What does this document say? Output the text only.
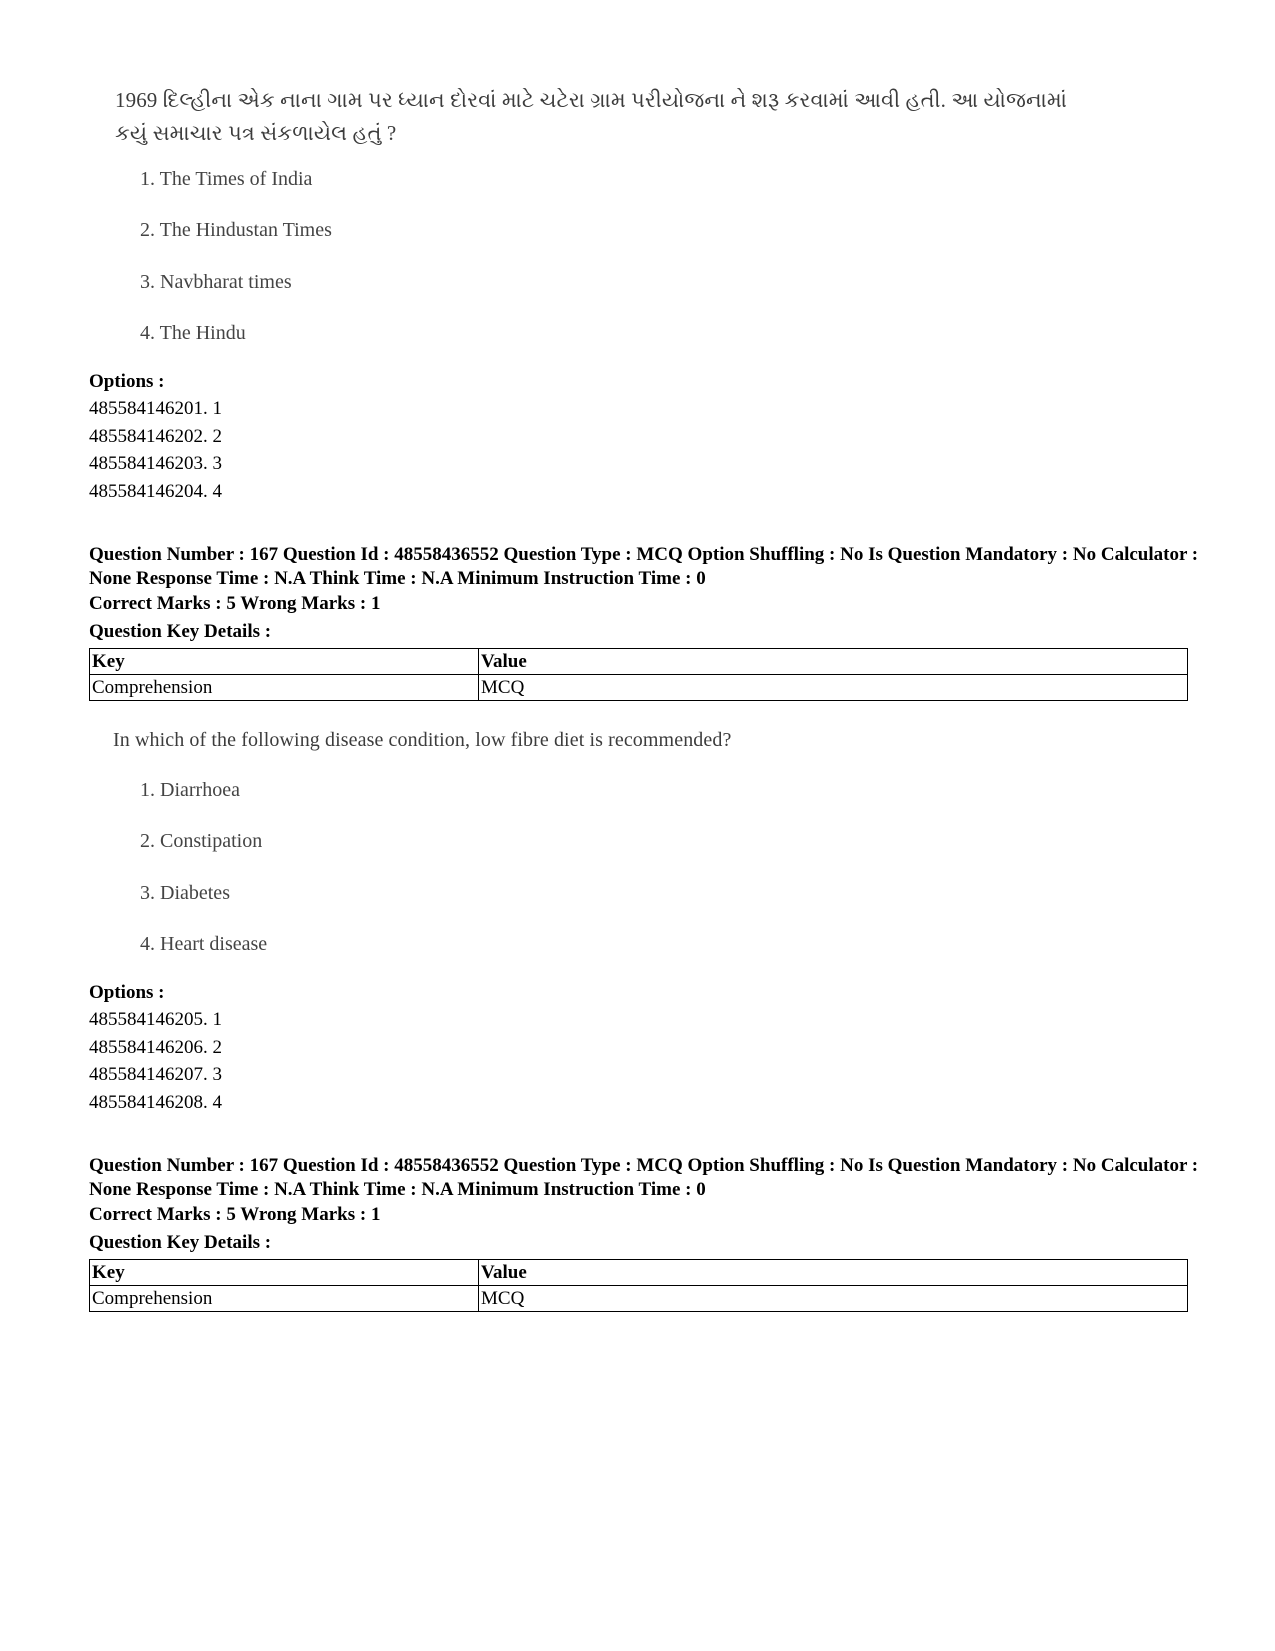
1969 દિલ્હીના એક નાના ગામ પર ધ્યાન દોરવાં માટે ચટેરા ગ્રામ પરીયોજના ને શરૂ કરવામાં આવી હતી. આ યોજનામાં કયું સમાચાર પત્ર સંકળાયેલ હતું ?
1. The Times of India
2. The Hindustan Times
3. Navbharat times
4. The Hindu
Options :
485584146201. 1
485584146202. 2
485584146203. 3
485584146204. 4
Question Number : 167 Question Id : 48558436552 Question Type : MCQ Option Shuffling : No Is Question Mandatory : No Calculator : None Response Time : N.A Think Time : N.A Minimum Instruction Time : 0
Correct Marks : 5 Wrong Marks : 1
Question Key Details :
Key	Value
Comprehension	MCQ
In which of the following disease condition, low fibre diet is recommended?
1. Diarrhoea
2. Constipation
3. Diabetes
4. Heart disease
Options :
485584146205. 1
485584146206. 2
485584146207. 3
485584146208. 4
Question Number : 167 Question Id : 48558436552 Question Type : MCQ Option Shuffling : No Is Question Mandatory : No Calculator : None Response Time : N.A Think Time : N.A Minimum Instruction Time : 0
Correct Marks : 5 Wrong Marks : 1
Question Key Details :
Key	Value
Comprehension	MCQ
